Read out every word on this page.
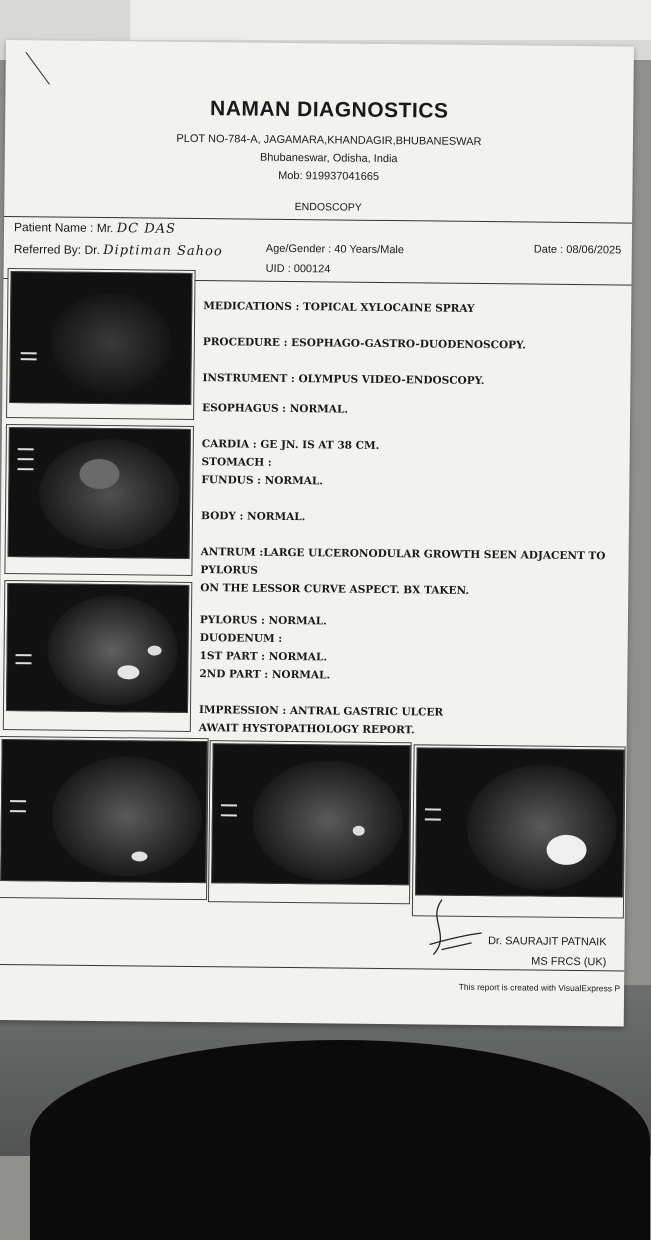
NAMAN DIAGNOSTICS
PLOT NO-784-A, JAGAMARA,KHANDAGIR,BHUBANESWAR
Bhubaneswar, Odisha, India
Mob: 919937041665
ENDOSCOPY
Patient Name : Mr. DC DAS
Referred By: Dr. Diptiman Sahoo	Age/Gender : 40 Years/Male
UID : 000124
Date : 08/06/2025

MEDICATIONS : TOPICAL XYLOCAINE SPRAY

PROCEDURE : ESOPHAGO-GASTRO-DUODENOSCOPY.

INSTRUMENT : OLYMPUS VIDEO-ENDOSCOPY.

ESOPHAGUS : NORMAL.

CARDIA : GE JN. IS AT 38 CM.

STOMACH :

FUNDUS : NORMAL.

BODY : NORMAL.

ANTRUM :LARGE ULCERONODULAR GROWTH SEEN ADJACENT TO PYLORUS

ON THE LESSOR CURVE ASPECT. BX TAKEN.

PYLORUS : NORMAL.

DUODENUM :

1ST PART : NORMAL.

2ND PART : NORMAL.

IMPRESSION : ANTRAL GASTRIC ULCER

AWAIT HYSTOPATHOLOGY REPORT.

Dr. SAURAJIT PATNAIK
MS FRCS (UK)
This report is created with VisualExpress P
